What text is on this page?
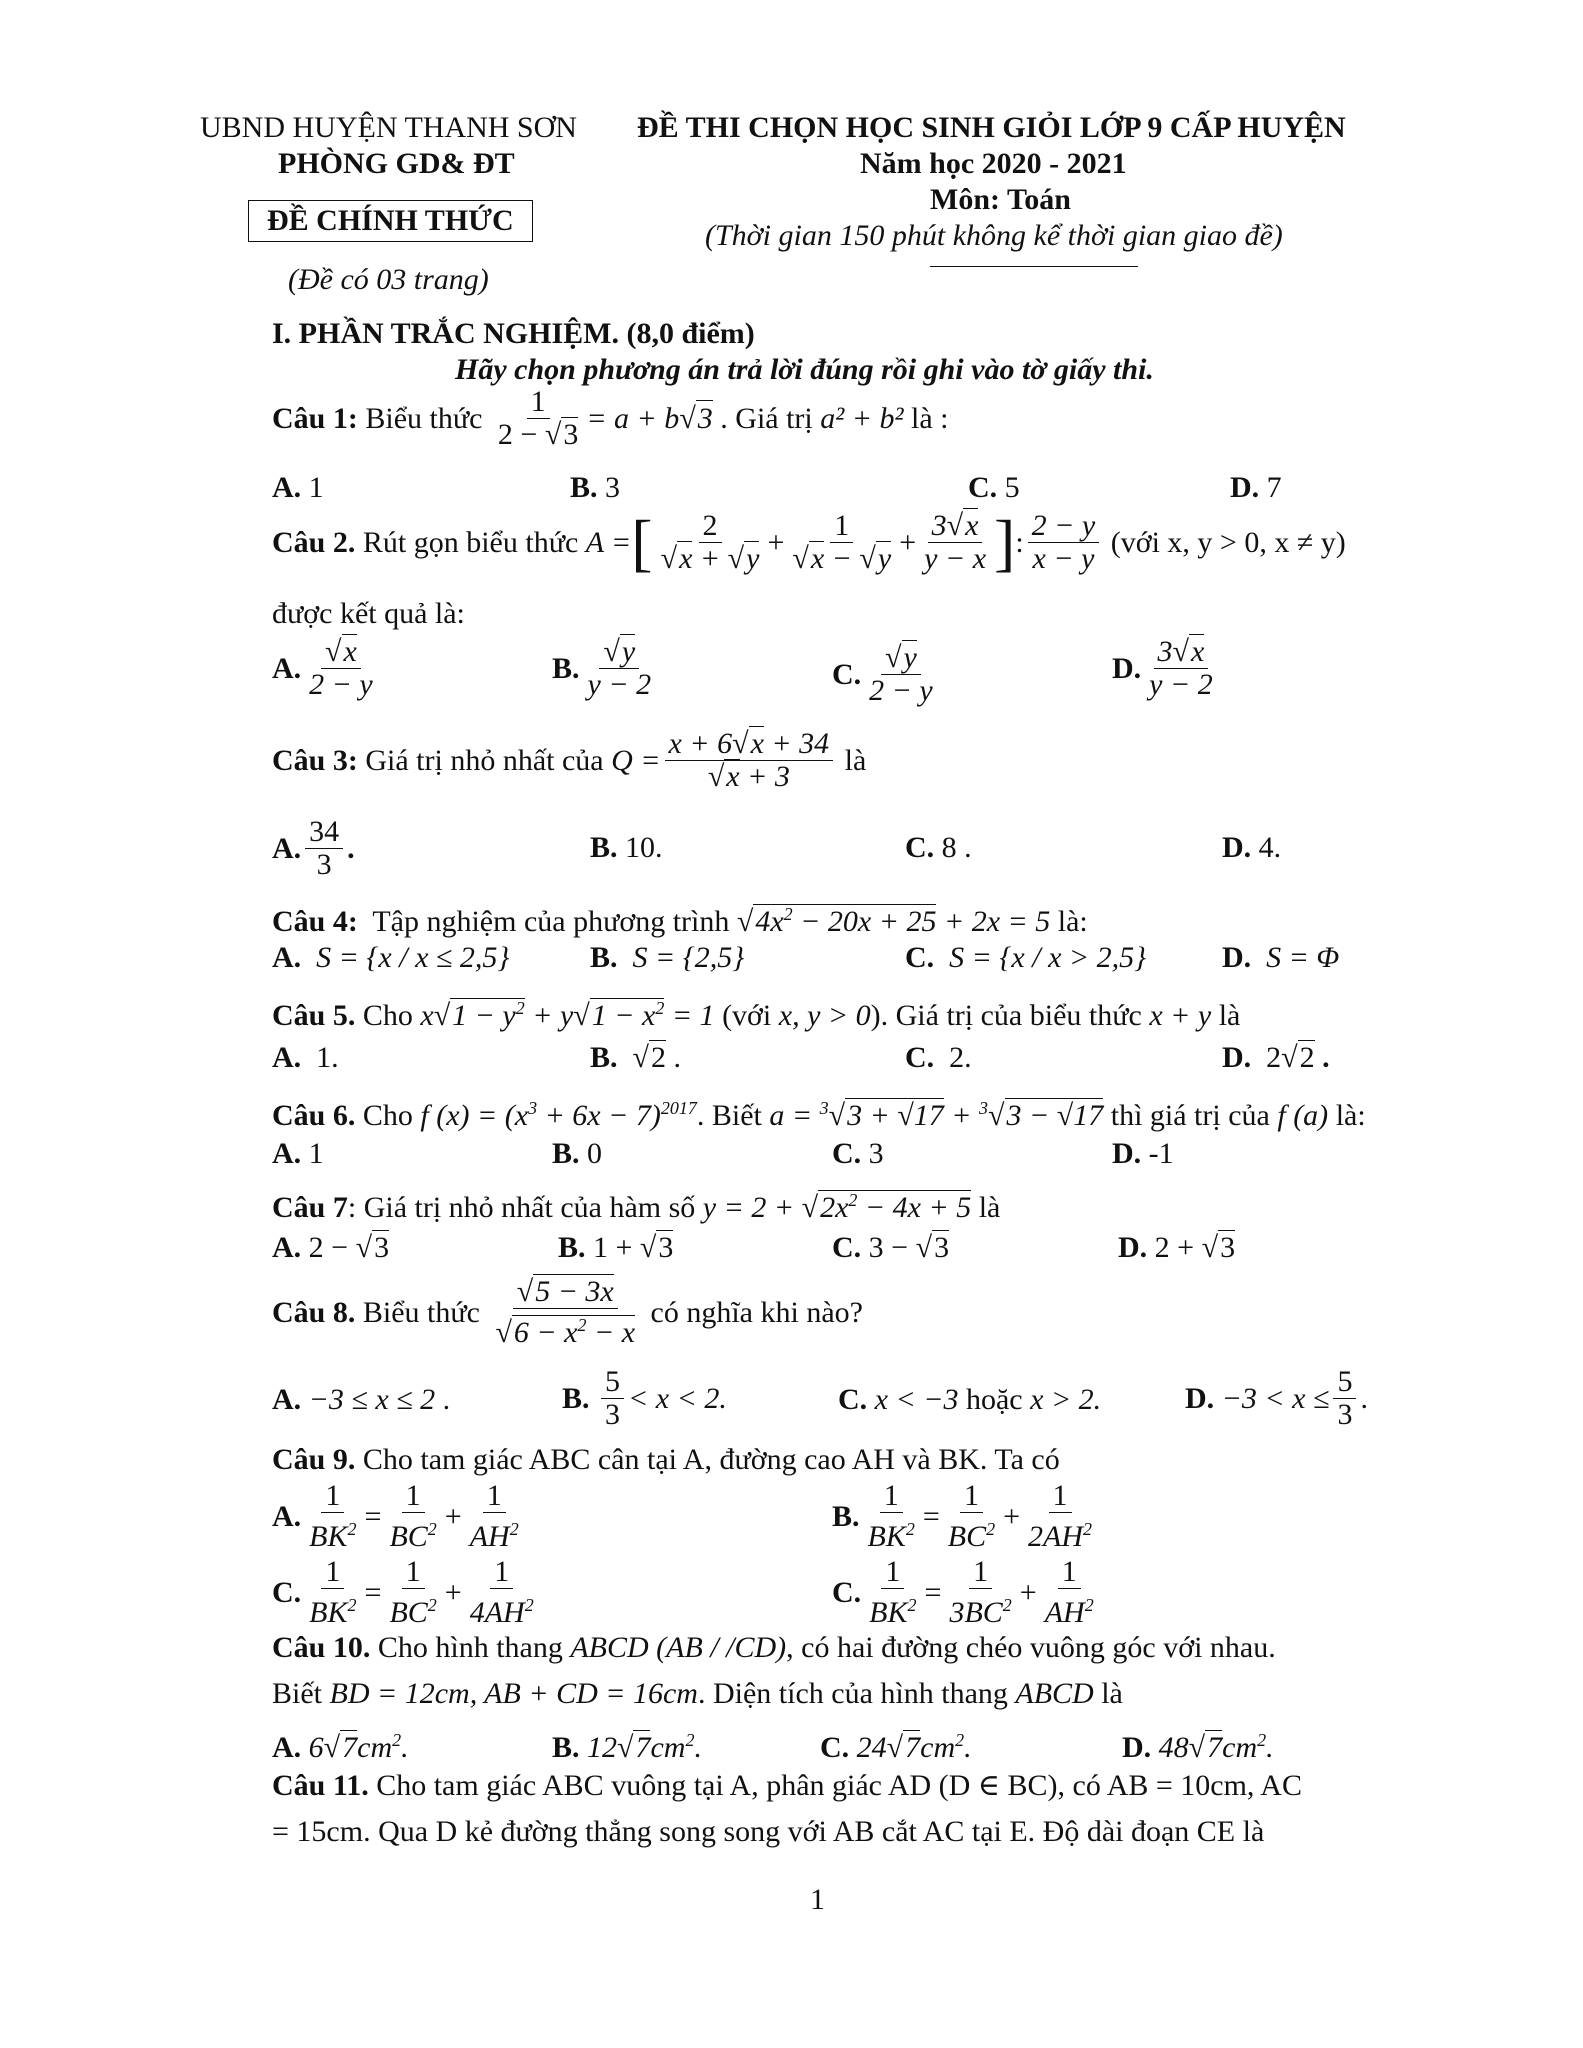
UBND HUYỆN THANH SƠN
PHÒNG GD& ĐT
ĐỀ CHÍNH THỨC
(Đề có 03 trang)
ĐỀ THI CHỌN HỌC SINH GIỎI LỚP 9 CẤP HUYỆN
Năm học 2020 - 2021
Môn: Toán
(Thời gian 150 phút không kể thời gian giao đề)
I. PHẦN TRẮC NGHIỆM. (8,0 điểm)
Hãy chọn phương án trả lời đúng rồi ghi vào tờ giấy thi.
Câu 1:
Biểu thức
$\frac{1}{2 - √3} = a + b$ √ 3
. Giá trị
a² + b²
là :
A. 1	B. 3	C. 5	D. 7
Câu 2.
Rút gọn biểu thức
A = [ $\frac{2}{√x + √y} + \frac{1}{√x - √y} + \frac{3√x}{y - x}$ ] : $\frac{2 - y}{x - y}$
(với x, y > 0, x ≠ y)
được kết quả là:
A. $\frac{√x}{2 - y}$	B. $\frac{√y}{y - 2}$	C. $\frac{√y}{2 - y}$	D. $\frac{3√x}{y - 2}$
Câu 3:
Giá trị nhỏ nhất của
$Q = \frac{x + 6√x + 34}{√x + 3}$
là
A. $\frac{34}{3}$ .	B. 10.	C. 8 .	D. 4.
Câu 4: Tập nghiệm của phương trình $√4x^2 - 20x + 25 + 2x = 5$ là:
A. S = {x / x ≤ 2,5}	B. S = {2,5}	C. S = {x / x > 2,5}	D. S = Φ
Câu 5. Cho $x√1 - y^2 + y√1 - x^2 = 1$ (với x, y > 0). Giá trị của biểu thức x + y là
A. 1.	B.  √2 .	C. 2.	D.  2√2 .
Câu 6. Cho f $(x) = (x^3 + 6x - 7)^{2017}$. Biết a = $^3$√3 + √17 + $^3$√3 − √17 thì giá trị của f (a) là:
A. 1	B. 0	C. 3	D. -1
Câu 7: Giá trị nhỏ nhất của hàm số $y = 2 + √2x^2 - 4x + 5$ là
A. 2 − √3	B. 1 + √3	C. 3 − √3	D. 2 + √3
Câu 8.
Biểu thức
$\frac{√5 - 3x}{√6 - x^2 - x}$
có nghĩa khi nào?
A. −3 ≤ x ≤ 2 .	B.
$\frac{5}{3} < x < 2$.	C. x < −3 hoặc x > 2.	D.
$-3 < x \le \frac{5}{3}$ .
Câu 9. Cho tam giác ABC cân tại A, đường cao AH và BK. Ta có
A. $\frac{1}{BK^2} = \frac{1}{BC^2} + \frac{1}{AH^2}$	B. $\frac{1}{BK^2} = \frac{1}{BC^2} + \frac{1}{2AH^2}$
C. $\frac{1}{BK^2} = \frac{1}{BC^2} + \frac{1}{4AH^2}$	C. $\frac{1}{BK^2} = \frac{1}{3BC^2} + \frac{1}{AH^2}$
Câu 10. Cho hình thang ABCD (AB / /CD), có hai đường chéo vuông góc với nhau.
Biết BD = 12cm, AB + CD = 16cm. Diện tích của hình thang ABCD là
A. $6√7cm^2$.	B. $12√7cm^2$.	C. $24√7cm^2$.	D. $48√7cm^2$.
Câu 11. Cho tam giác ABC vuông tại A, phân giác AD (D ∈ BC), có AB = 10cm, AC
= 15cm. Qua D kẻ đường thẳng song song với AB cắt AC tại E. Độ dài đoạn CE là
1
